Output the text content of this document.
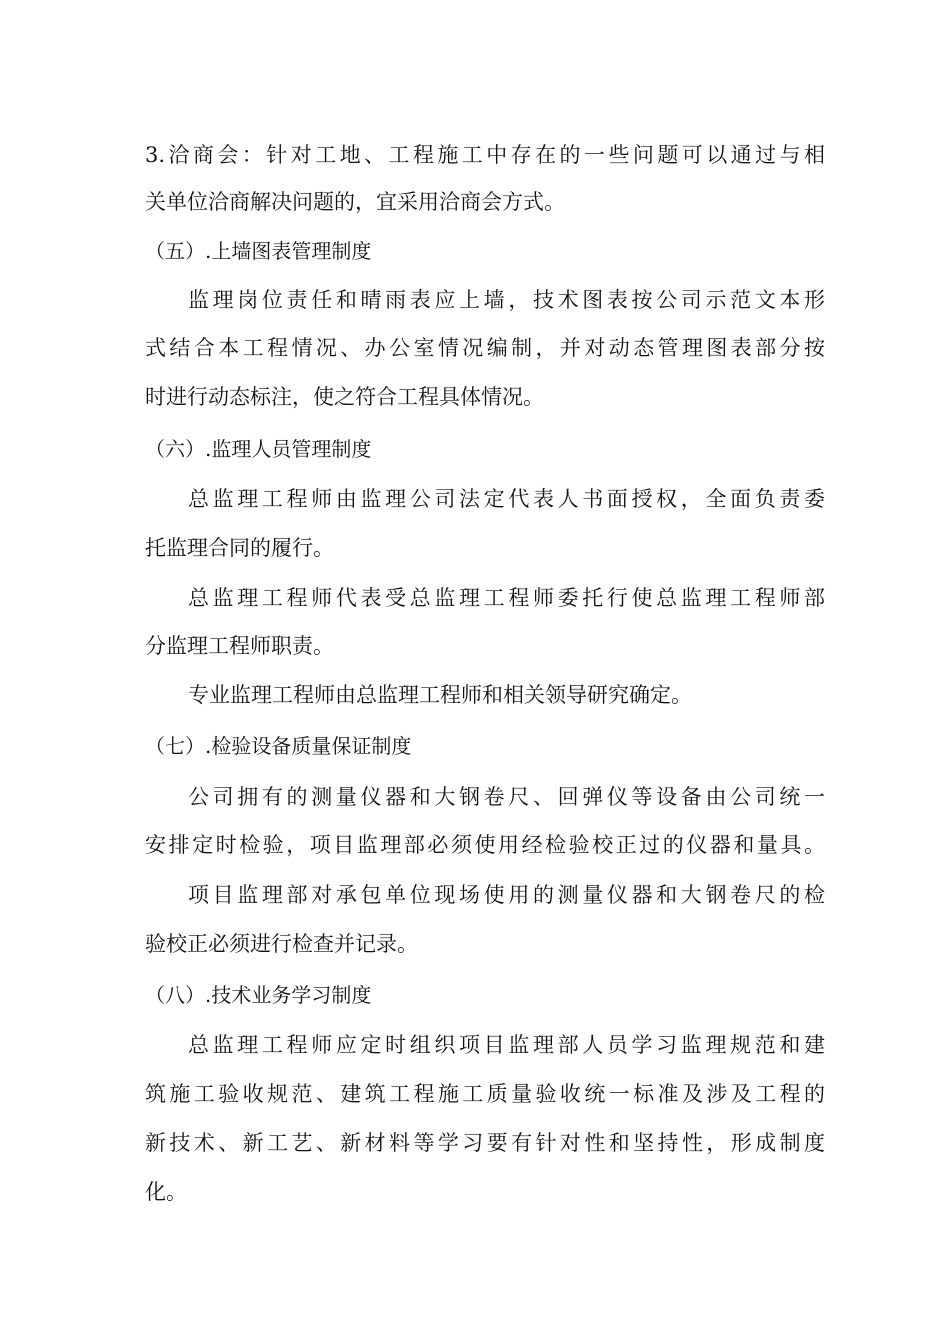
3.洽商会：针对工地、工程施工中存在的一些问题可以通过与相

关单位洽商解决问题的，宜采用洽商会方式。

（五）.上墙图表管理制度

监理岗位责任和晴雨表应上墙，技术图表按公司示范文本形

式结合本工程情况、办公室情况编制，并对动态管理图表部分按

时进行动态标注，使之符合工程具体情况。

（六）.监理人员管理制度

总监理工程师由监理公司法定代表人书面授权，全面负责委

托监理合同的履行。

总监理工程师代表受总监理工程师委托行使总监理工程师部

分监理工程师职责。

专业监理工程师由总监理工程师和相关领导研究确定。

（七）.检验设备质量保证制度

公司拥有的测量仪器和大钢卷尺、回弹仪等设备由公司统一

安排定时检验，项目监理部必须使用经检验校正过的仪器和量具。

项目监理部对承包单位现场使用的测量仪器和大钢卷尺的检

验校正必须进行检查并记录。

（八）.技术业务学习制度

总监理工程师应定时组织项目监理部人员学习监理规范和建

筑施工验收规范、建筑工程施工质量验收统一标准及涉及工程的

新技术、新工艺、新材料等学习要有针对性和坚持性，形成制度

化。
